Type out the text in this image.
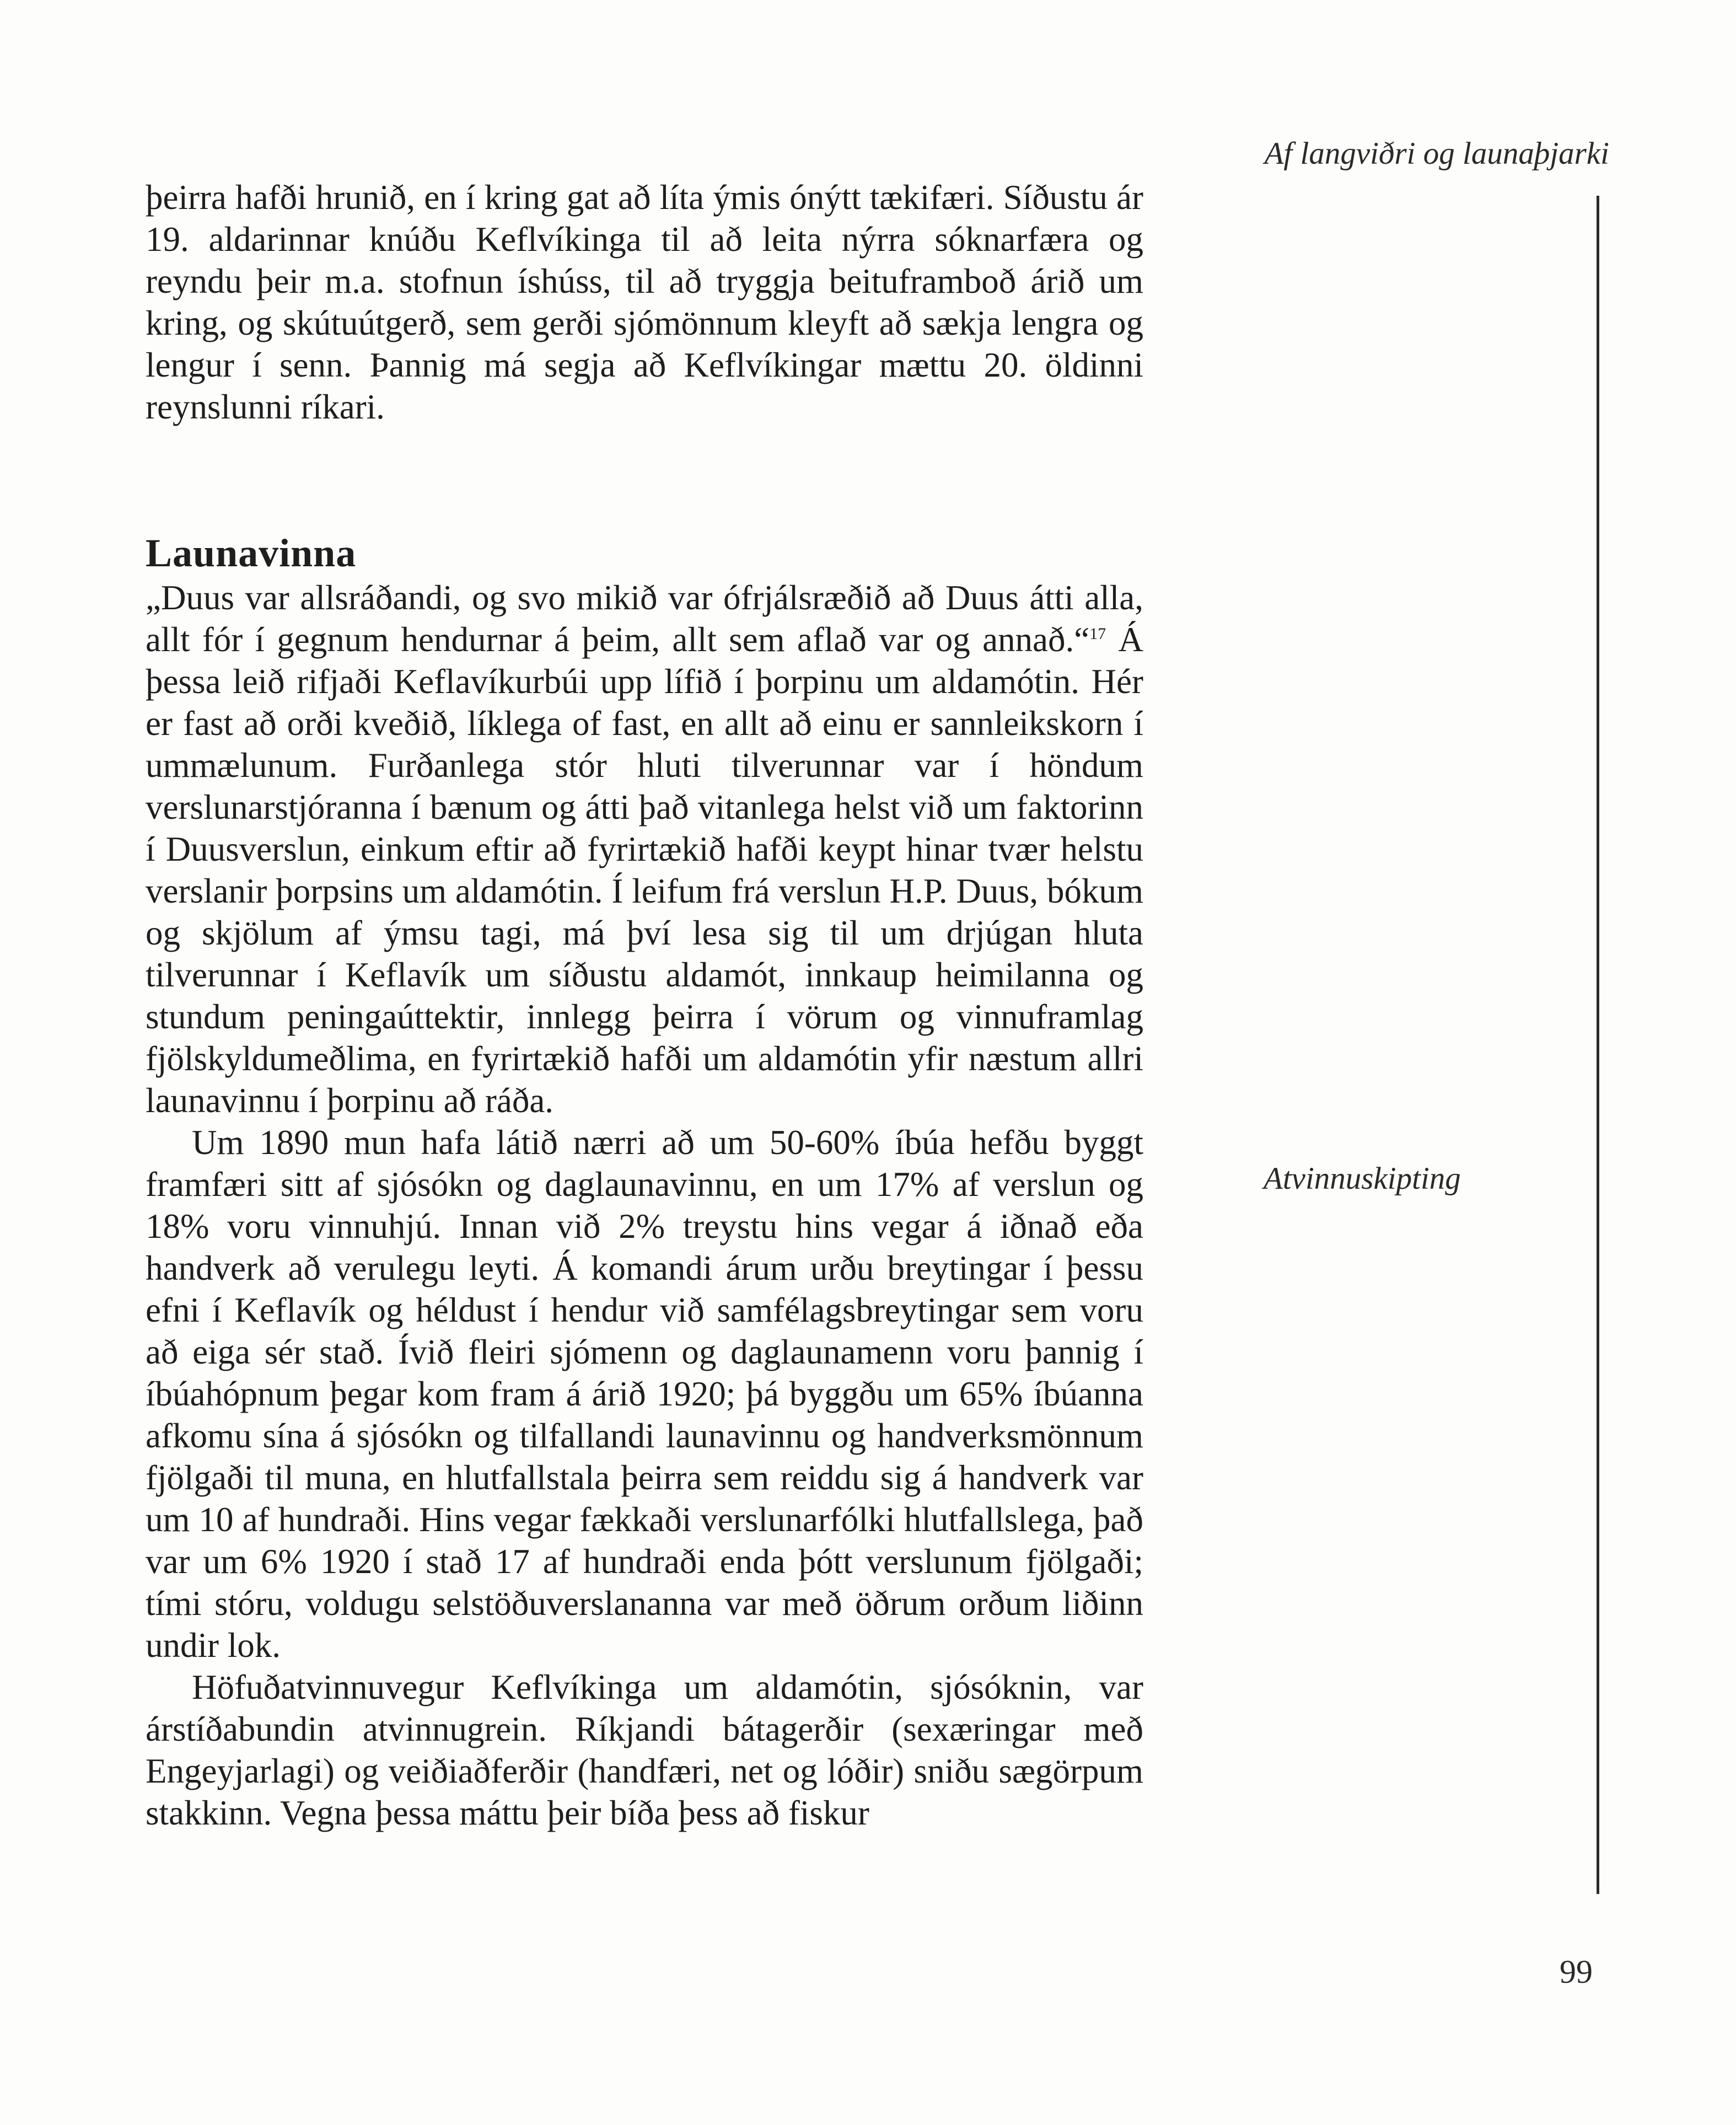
Af langviðri og launaþjarki

þeirra hafði hrunið, en í kring gat að líta ýmis ónýtt tækifæri. Síðustu ár 19. aldarinnar knúðu Keflvíkinga til að leita nýrra sóknarfæra og reyndu þeir m.a. stofnun íshúss, til að tryggja beituframboð árið um kring, og skútuútgerð, sem gerði sjómönnum kleyft að sækja lengra og lengur í senn. Þannig má segja að Keflvíkingar mættu 20. öldinni reynslunni ríkari.

Launavinna

„Duus var allsráðandi, og svo mikið var ófrjálsræðið að Duus átti alla, allt fór í gegnum hendurnar á þeim, allt sem aflað var og annað.“$^{17}$ Á þessa leið rifjaði Keflavíkurbúi upp lífið í þorpinu um aldamótin. Hér er fast að orði kveðið, líklega of fast, en allt að einu er sannleikskorn í ummælunum. Furðanlega stór hluti tilverunnar var í höndum verslunarstjóranna í bænum og átti það vitanlega helst við um faktorinn í Duusverslun, einkum eftir að fyrirtækið hafði keypt hinar tvær helstu verslanir þorpsins um aldamótin. Í leifum frá verslun H.P. Duus, bókum og skjölum af ýmsu tagi, má því lesa sig til um drjúgan hluta tilverunnar í Keflavík um síðustu aldamót, innkaup heimilanna og stundum peningaúttektir, innlegg þeirra í vörum og vinnuframlag fjölskyldumeðlima, en fyrirtækið hafði um aldamótin yfir næstum allri launavinnu í þorpinu að ráða.

Um 1890 mun hafa látið nærri að um 50-60% íbúa hefðu byggt framfæri sitt af sjósókn og daglaunavinnu, en um 17% af verslun og 18% voru vinnuhjú. Innan við 2% treystu hins vegar á iðnað eða handverk að verulegu leyti. Á komandi árum urðu breytingar í þessu efni í Keflavík og héldust í hendur við samfélagsbreytingar sem voru að eiga sér stað. Ívið fleiri sjómenn og daglaunamenn voru þannig í íbúahópnum þegar kom fram á árið 1920; þá byggðu um 65% íbúanna afkomu sína á sjósókn og tilfallandi launavinnu og handverksmönnum fjölgaði til muna, en hlutfallstala þeirra sem reiddu sig á handverk var um 10 af hundraði. Hins vegar fækkaði verslunarfólki hlutfallslega, það var um 6% 1920 í stað 17 af hundraði enda þótt verslunum fjölgaði; tími stóru, voldugu selstöðuverslananna var með öðrum orðum liðinn undir lok.

Höfuðatvinnuvegur Keflvíkinga um aldamótin, sjósóknin, var árstíðabundin atvinnugrein. Ríkjandi bátagerðir (sexæringar með Engeyjarlagi) og veiðiaðferðir (handfæri, net og lóðir) sniðu sægörpum stakkinn. Vegna þessa máttu þeir bíða þess að fiskur

Atvinnuskipting
99
